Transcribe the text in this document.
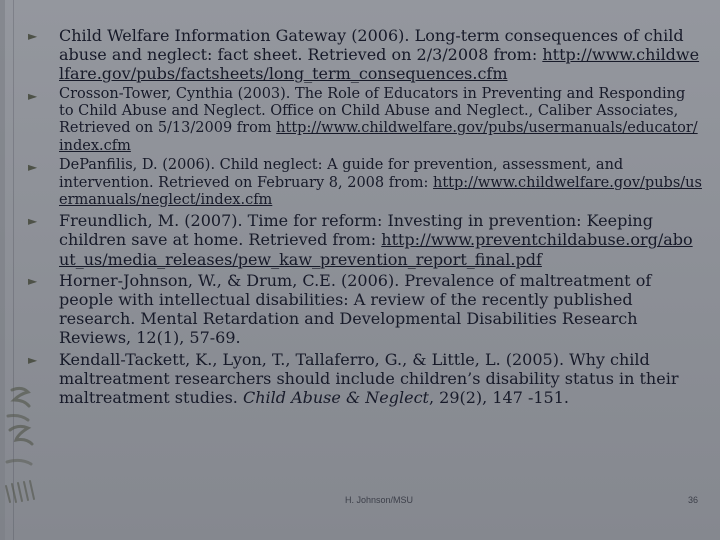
►	Child Welfare Information Gateway (2006). Long-term consequences of child abuse and neglect: fact sheet. Retrieved on 2/3/2008 from: http://www.childwelfare.gov/pubs/factsheets/long_term_consequences.cfm
►	Crosson-Tower, Cynthia (2003). The Role of Educators in Preventing and Responding to Child Abuse and Neglect. Office on Child Abuse and Neglect., Caliber Associates, Retrieved on 5/13/2009 from http://www.childwelfare.gov/pubs/usermanuals/educator/index.cfm
►	DePanfilis, D. (2006). Child neglect: A guide for prevention, assessment, and intervention. Retrieved on February 8, 2008 from: http://www.childwelfare.gov/pubs/usermanuals/neglect/index.cfm
►	Freundlich, M. (2007). Time for reform: Investing in prevention: Keeping children save at home. Retrieved from: http://www.preventchildabuse.org/about_us/media_releases/pew_kaw_prevention_report_final.pdf
►	Horner-Johnson, W., & Drum, C.E. (2006). Prevalence of maltreatment of people with intellectual disabilities: A review of the recently published research. Mental Retardation and Developmental Disabilities Research Reviews, 12(1), 57-69.
►	Kendall-Tackett, K., Lyon, T., Tallaferro, G., & Little, L. (2005). Why child maltreatment researchers should include children’s disability status in their maltreatment studies. Child Abuse & Neglect, 29(2), 147 -151.
H. Johnson/MSU	36
